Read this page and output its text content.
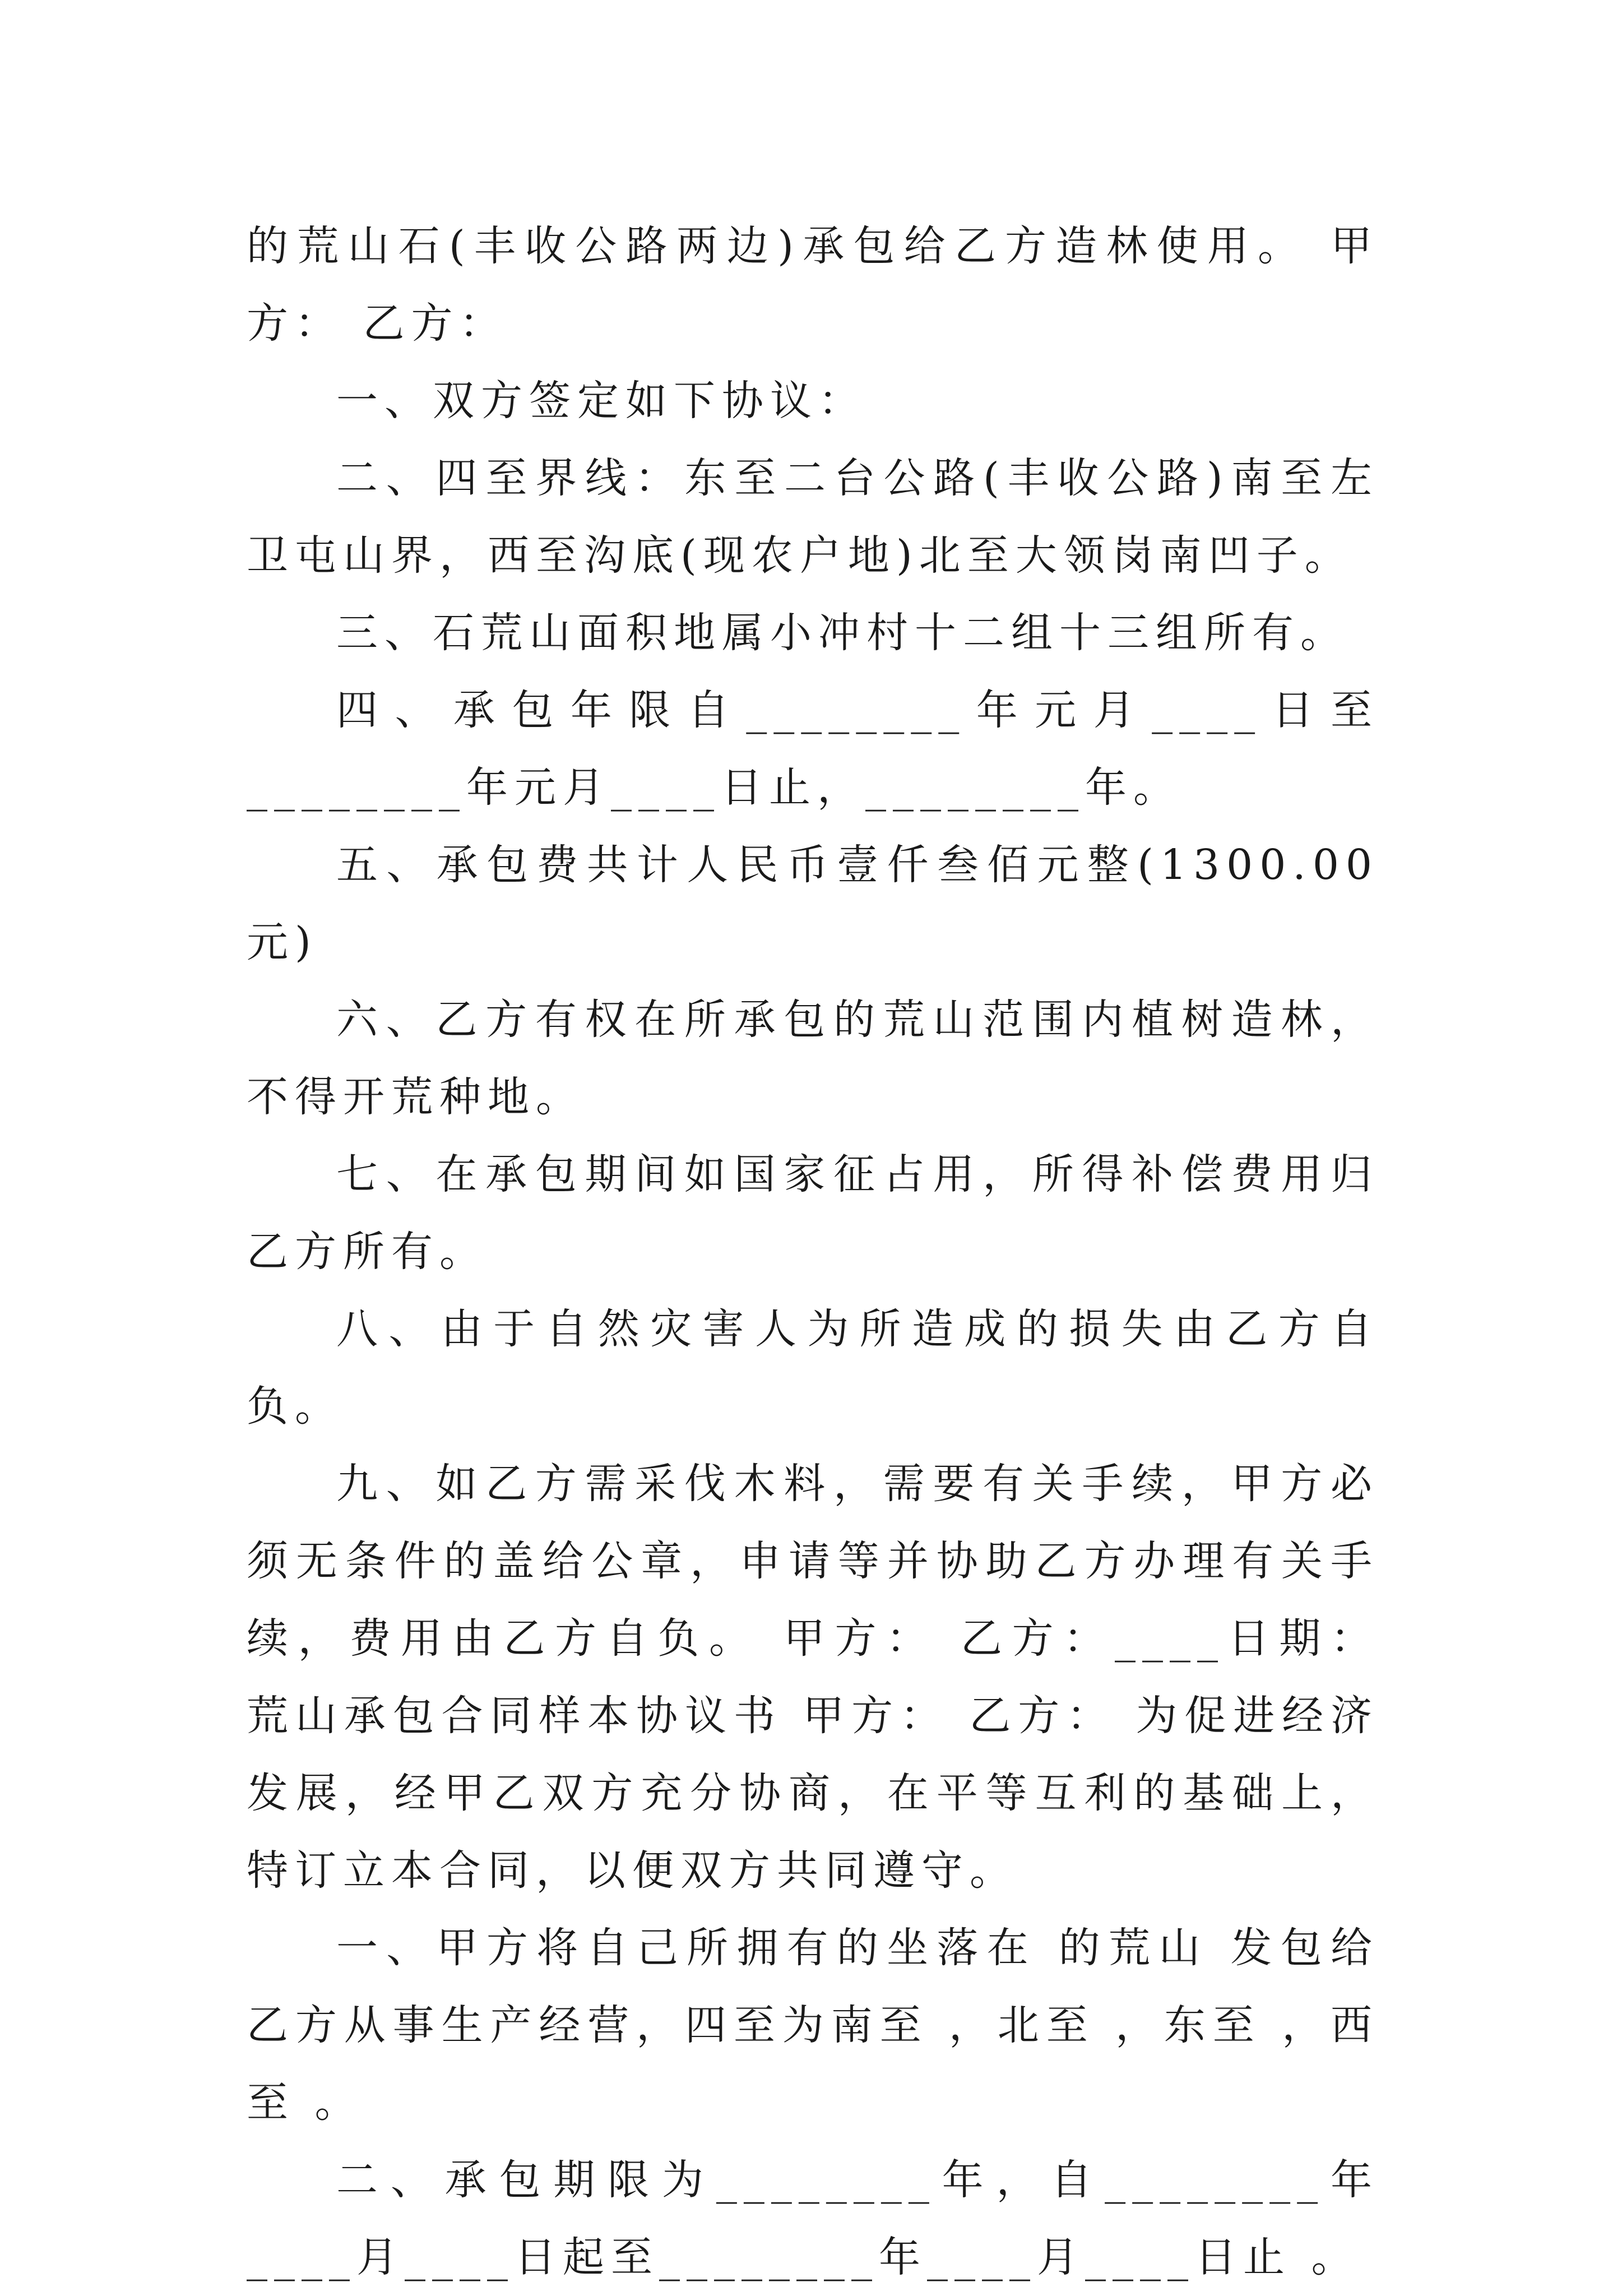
的荒山石(丰收公路两边)承包给乙方造林使用。 甲方： 乙方：

一、双方签定如下协议：

二、四至界线：东至二台公路(丰收公路)南至左卫屯山界，西至沟底(现农户地)北至大领岗南凹子。

三、石荒山面积地属小冲村十二组十三组所有。

四、承包年限自________年元月____日至________年元月____日止，________年。

五、承包费共计人民币壹仟叁佰元整(1300.00 元)

六、乙方有权在所承包的荒山范围内植树造林，不得开荒种地。

七、在承包期间如国家征占用，所得补偿费用归乙方所有。

八、由于自然灾害人为所造成的损失由乙方自负。

九、如乙方需采伐木料，需要有关手续，甲方必须无条件的盖给公章，申请等并协助乙方办理有关手续，费用由乙方自负。 甲方： 乙方：____日期： 荒山承包合同样本协议书 甲方： 乙方： 为促进经济发展，经甲乙双方充分协商，在平等互利的基础上，特订立本合同，以便双方共同遵守。

一、甲方将自己所拥有的坐落在 的荒山 发包给乙方从事生产经营，四至为南至 ，北至 ，东至 ，西至 。

二、承包期限为________年，自________年____月____日起至________年____月____日止 。
